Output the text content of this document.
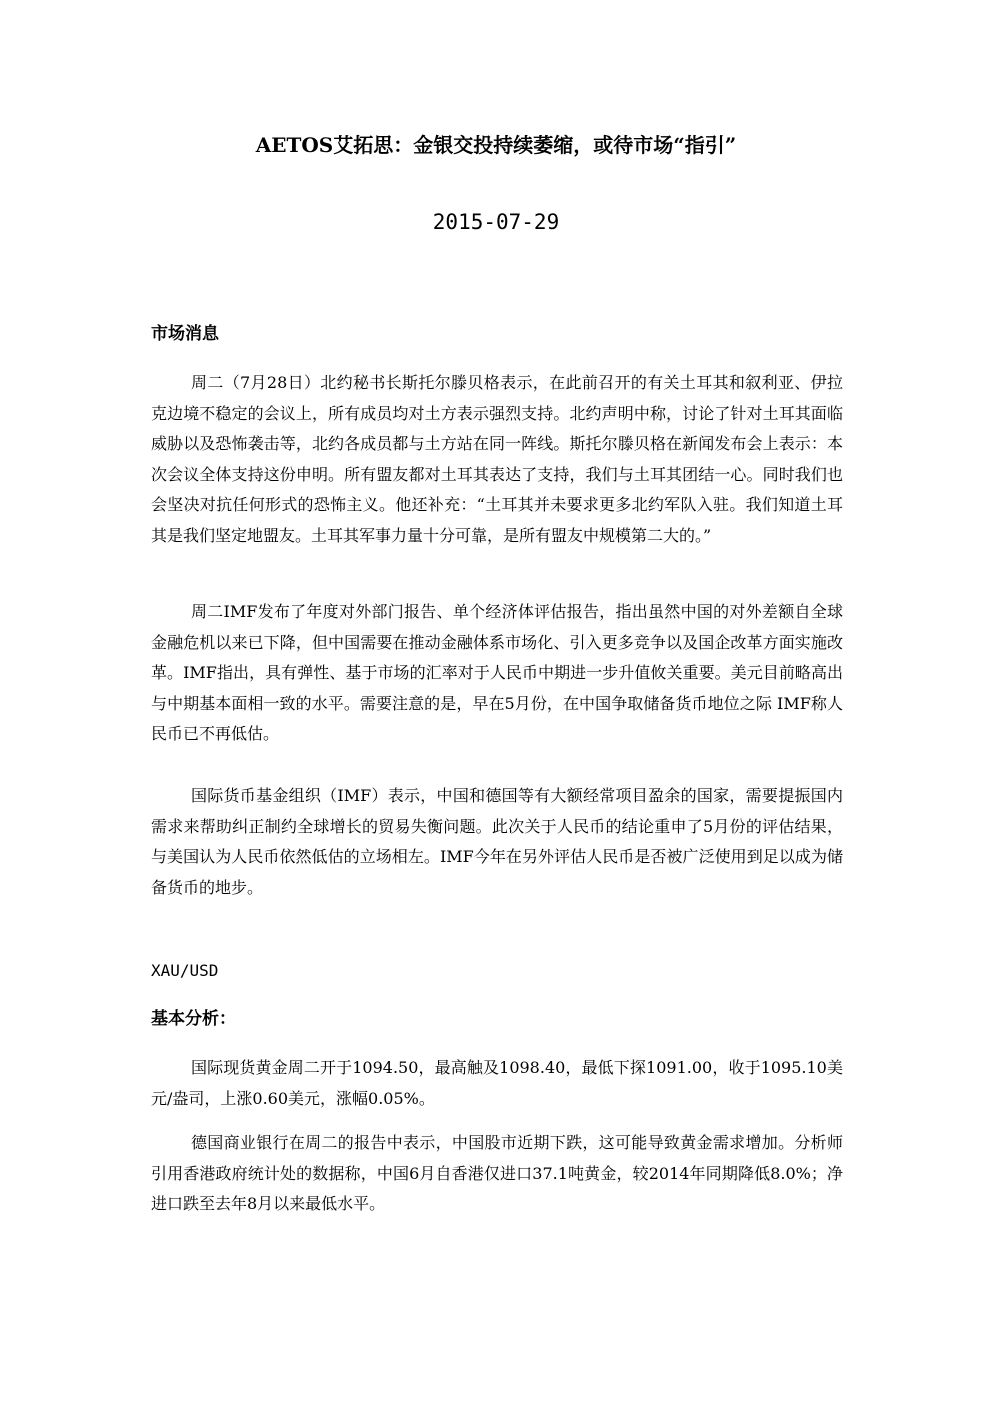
AETOS艾拓思：金银交投持续萎缩，或待市场“指引”
2015-07-29
市场消息

周二（7月28日）北约秘书长斯托尔滕贝格表示，在此前召开的有关土耳其和叙利亚、伊拉克边境不稳定的会议上，所有成员均对土方表示强烈支持。北约声明中称，讨论了针对土耳其面临威胁以及恐怖袭击等，北约各成员都与土方站在同一阵线。斯托尔滕贝格在新闻发布会上表示：本次会议全体支持这份申明。所有盟友都对土耳其表达了支持，我们与土耳其团结一心。同时我们也会坚决对抗任何形式的恐怖主义。他还补充：“土耳其并未要求更多北约军队入驻。我们知道土耳其是我们坚定地盟友。土耳其军事力量十分可靠，是所有盟友中规模第二大的。”

周二IMF发布了年度对外部门报告、单个经济体评估报告，指出虽然中国的对外差额自全球金融危机以来已下降，但中国需要在推动金融体系市场化、引入更多竞争以及国企改革方面实施改革。IMF指出，具有弹性、基于市场的汇率对于人民币中期进一步升值攸关重要。美元目前略高出与中期基本面相一致的水平。需要注意的是，早在5月份，在中国争取储备货币地位之际 IMF称人民币已不再低估。

国际货币基金组织（IMF）表示，中国和德国等有大额经常项目盈余的国家，需要提振国内需求来帮助纠正制约全球增长的贸易失衡问题。此次关于人民币的结论重申了5月份的评估结果，与美国认为人民币依然低估的立场相左。IMF今年在另外评估人民币是否被广泛使用到足以成为储备货币的地步。

XAU/USD
基本分析：

国际现货黄金周二开于1094.50，最高触及1098.40，最低下探1091.00，收于1095.10美元/盎司，上涨0.60美元，涨幅0.05%。

德国商业银行在周二的报告中表示，中国股市近期下跌，这可能导致黄金需求增加。分析师引用香港政府统计处的数据称，中国6月自香港仅进口37.1吨黄金，较2014年同期降低8.0%；净进口跌至去年8月以来最低水平。
